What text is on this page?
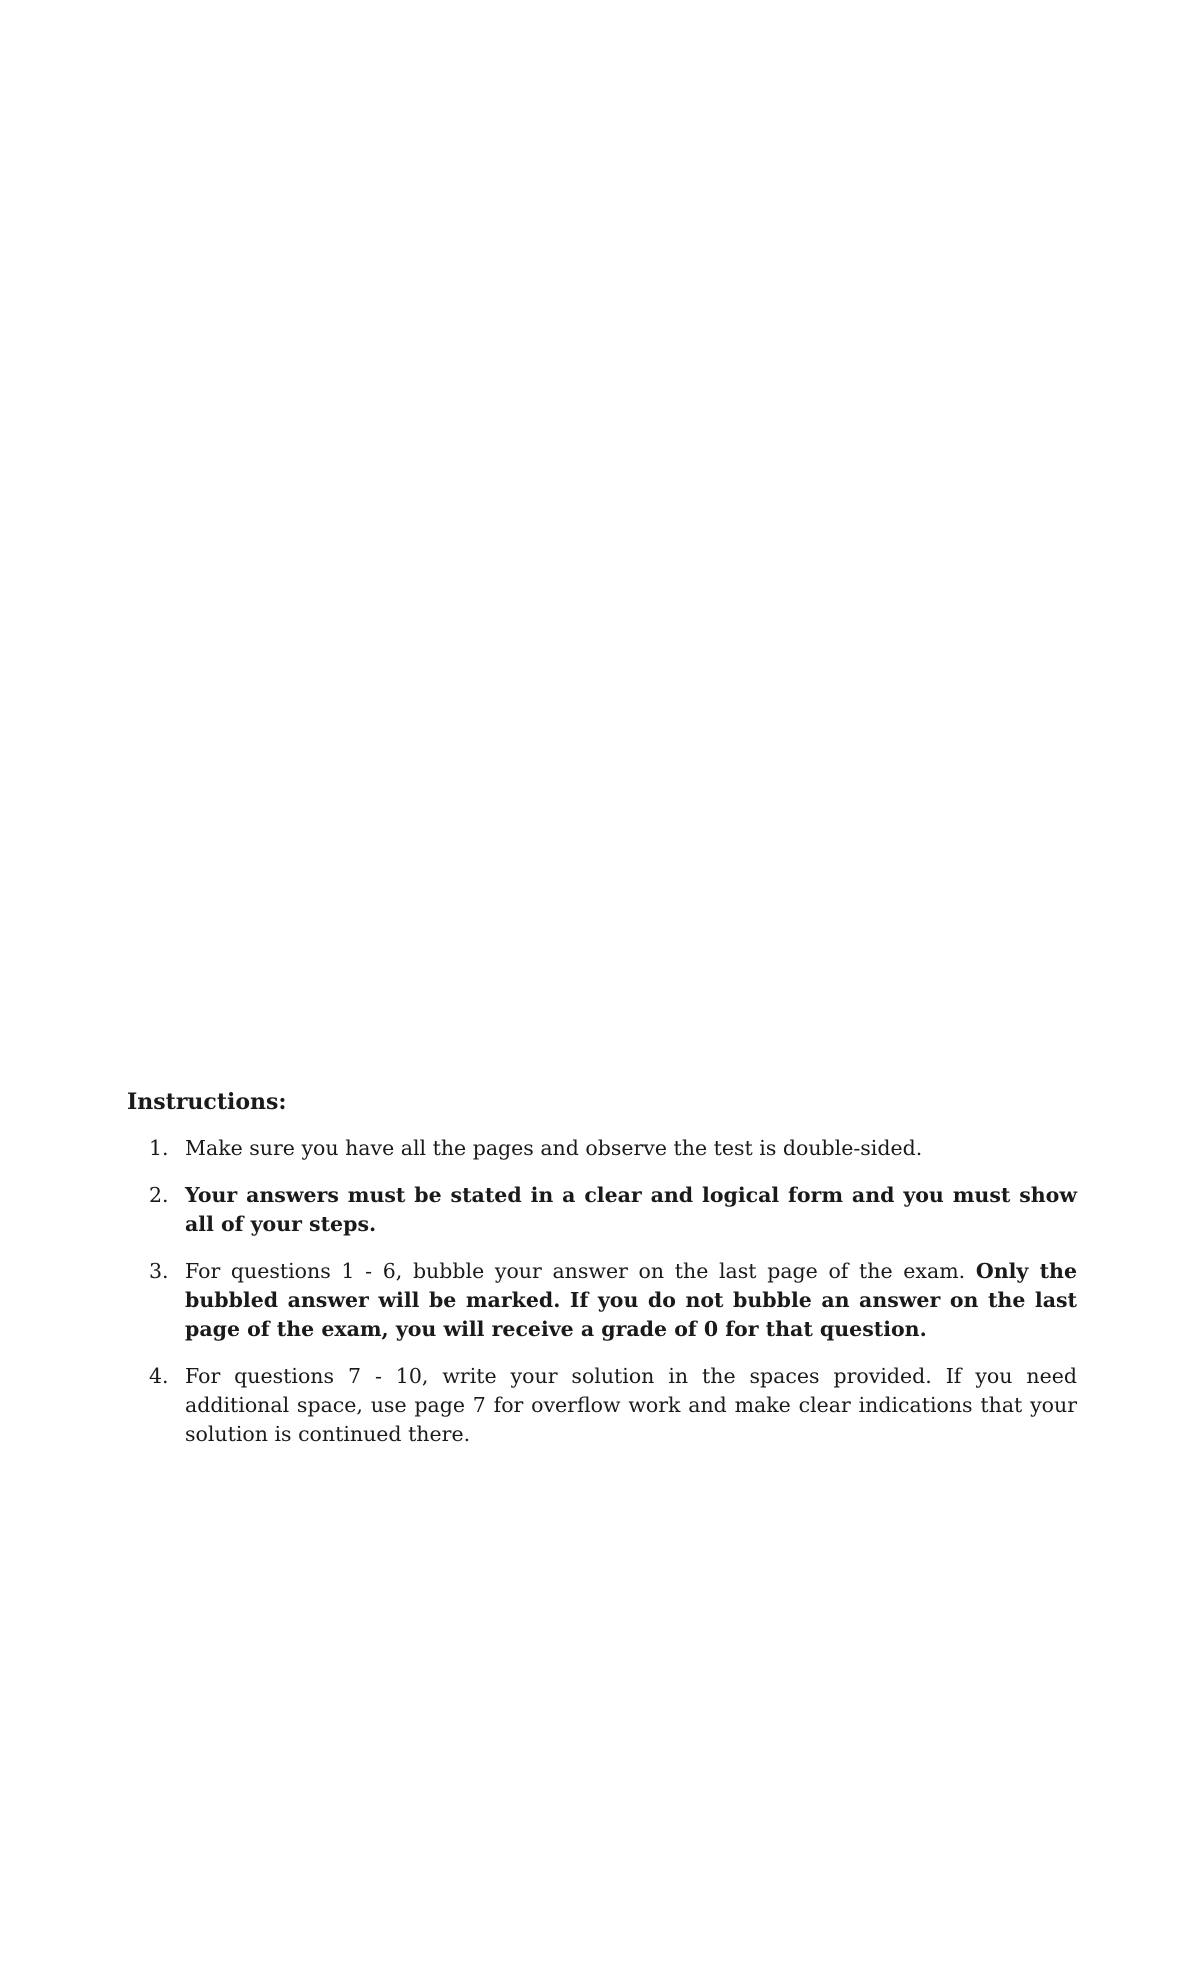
Instructions:
1. Make sure you have all the pages and observe the test is double-sided.
2. Your answers must be stated in a clear and logical form and you must show all of your steps.
3. For questions 1 - 6, bubble your answer on the last page of the exam. Only the bubbled answer will be marked. If you do not bubble an answer on the last page of the exam, you will receive a grade of 0 for that question.
4. For questions 7 - 10, write your solution in the spaces provided. If you need additional space, use page 7 for overflow work and make clear indications that your solution is continued there.
